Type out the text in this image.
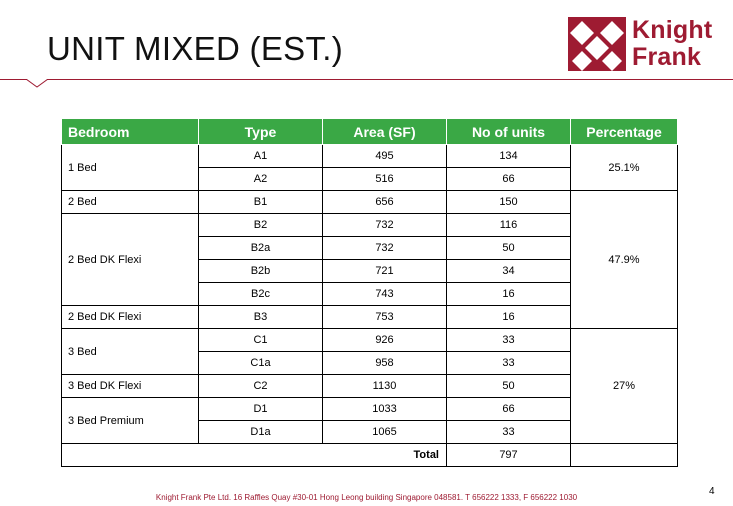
UNIT MIXED (EST.)	Knight
Frank
Bedroom	Type	Area (SF)	No of units	Percentage
1 Bed	A1	495	134	25.1%
	A2	516	66	
2 Bed	B1	656	150	47.9%
2 Bed DK Flexi	B2	732	116	
	B2a	732	50	
	B2b	721	34	
	B2c	743	16	
2 Bed DK Flexi	B3	753	16	
3 Bed	C1	926	33	27%
	C1a	958	33	
3 Bed DK Flexi	C2	1130	50	
3 Bed Premium	D1	1033	66	
	D1a	1065	33	
Total			797	
4
Knight Frank Pte Ltd. 16 Raffles Quay #30-01 Hong Leong building Singapore 048581. T 656222 1333, F 656222 1030
